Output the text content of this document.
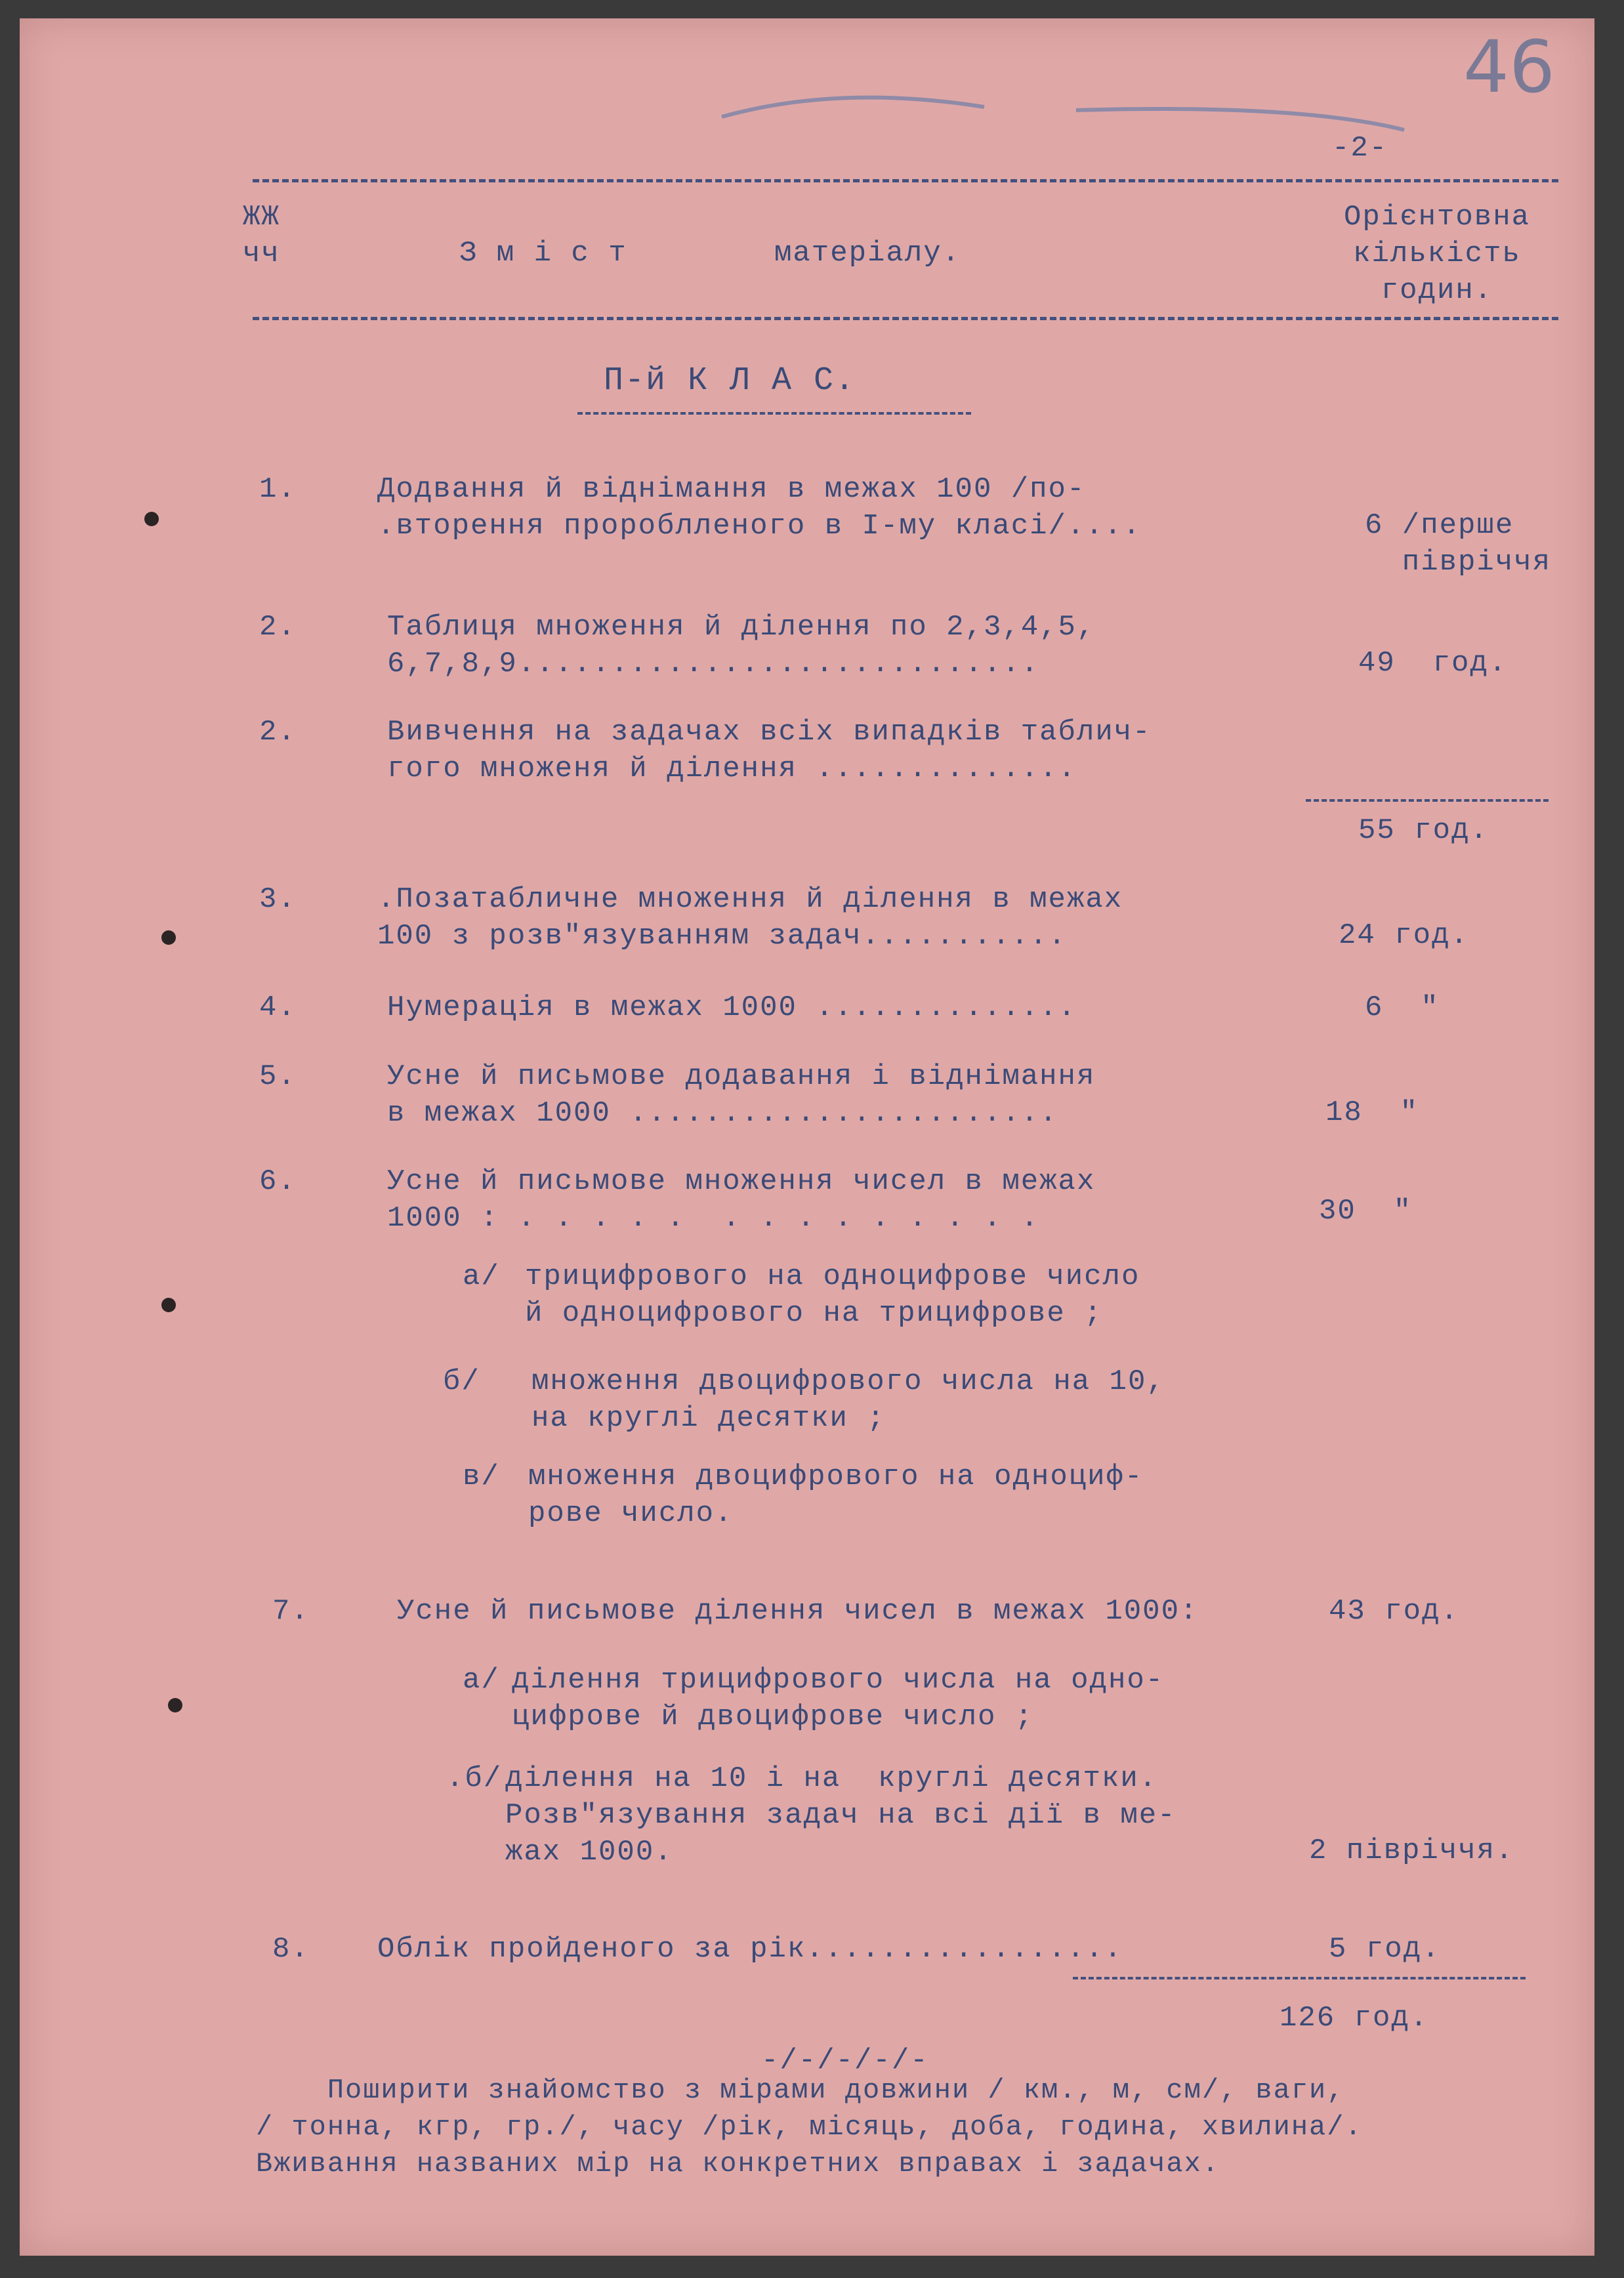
46
-2-
ЖЖ
чч	З м і с т	матеріалу.
Орієнтовна
кількість
годин.
П-й К Л А С.
1.	Додвання й віднімання в межах 100 /по-
.вторення пророблленого в І-му класі/....	6 /перше
півріччя
2.	Таблиця множення й ділення по 2,3,4,5,
6,7,8,9............................	49  год.
2.	Вивчення на задачах всіх випадків таблич-
гого множеня й ділення ..............
55 год.
3.	.Позатабличне множення й ділення в межах
100 з розв"язуванням задач...........	24 год.
4.	Нумерація в межах 1000 ..............	6  "
5.	Усне й письмове додавання і віднімання
в межах 1000 .......................	18  "
6.	Усне й письмове множення чисел в межах
1000 : . . . . .  . . . . . . . . .	30  "
а/ трицифрового на одноцифрове число
й одноцифрового на трицифрове ;
б/ множення двоцифрового числа на 10,
на круглі десятки ;
в/ множення двоцифрового на одноциф-
рове число.
7.	Усне й письмове ділення чисел в межах 1000:	43 год.
а/ ділення трицифрового числа на одно-
цифрове й двоцифрове число ;
.б/ ділення на 10 і на  круглі десятки.
Розв"язування задач на всі дії в ме-
жах 1000.	2 півріччя.
8. Облік пройденого за рік.................	5 год.
126 год.
-/-/-/-/-
Поширити знайомство з мірами довжини / км., м, см/, ваги,
/ тонна, кгр, гр./, часу /рік, місяць, доба, година, хвилина/.
Вживання названих мір на конкретних вправах і задачах.
